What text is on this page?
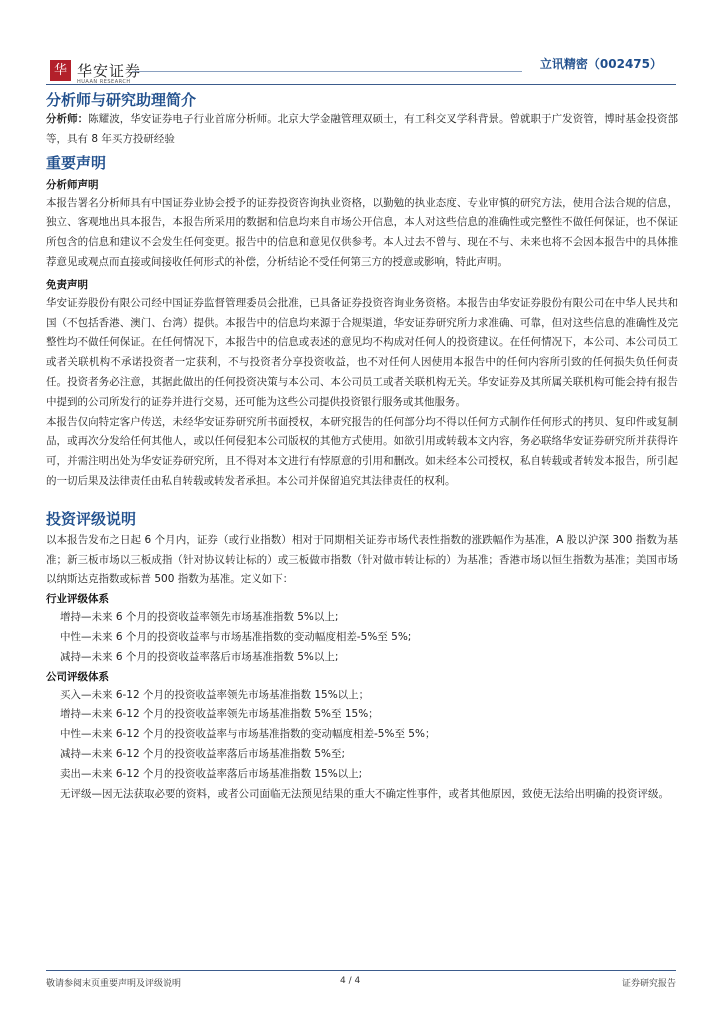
华 华安证券
HUAAN RESEARCH
立讯精密（002475）
分析师与研究助理简介

分析师：陈耀波，华安证券电子行业首席分析师。北京大学金融管理双硕士，有工科交叉学科背景。曾就职于广发资管，博时基金投资部等，具有 8 年买方投研经验

重要声明
分析师声明

本报告署名分析师具有中国证券业协会授予的证券投资咨询执业资格，以勤勉的执业态度、专业审慎的研究方法，使用合法合规的信息，独立、客观地出具本报告，本报告所采用的数据和信息均来自市场公开信息，本人对这些信息的准确性或完整性不做任何保证，也不保证所包含的信息和建议不会发生任何变更。报告中的信息和意见仅供参考。本人过去不曾与、现在不与、未来也将不会因本报告中的具体推荐意见或观点而直接或间接收任何形式的补偿，分析结论不受任何第三方的授意或影响，特此声明。

免责声明

华安证券股份有限公司经中国证券监督管理委员会批准，已具备证券投资咨询业务资格。本报告由华安证券股份有限公司在中华人民共和国（不包括香港、澳门、台湾）提供。本报告中的信息均来源于合规渠道，华安证券研究所力求准确、可靠，但对这些信息的准确性及完整性均不做任何保证。在任何情况下，本报告中的信息或表述的意见均不构成对任何人的投资建议。在任何情况下，本公司、本公司员工或者关联机构不承诺投资者一定获利，不与投资者分享投资收益，也不对任何人因使用本报告中的任何内容所引致的任何损失负任何责任。投资者务必注意，其据此做出的任何投资决策与本公司、本公司员工或者关联机构无关。华安证券及其所属关联机构可能会持有报告中提到的公司所发行的证券并进行交易，还可能为这些公司提供投资银行服务或其他服务。

本报告仅向特定客户传送，未经华安证券研究所书面授权，本研究报告的任何部分均不得以任何方式制作任何形式的拷贝、复印件或复制品，或再次分发给任何其他人，或以任何侵犯本公司版权的其他方式使用。如欲引用或转载本文内容，务必联络华安证券研究所并获得许可，并需注明出处为华安证券研究所，且不得对本文进行有悖原意的引用和删改。如未经本公司授权，私自转载或者转发本报告，所引起的一切后果及法律责任由私自转载或转发者承担。本公司并保留追究其法律责任的权利。

投资评级说明

以本报告发布之日起 6 个月内，证券（或行业指数）相对于同期相关证券市场代表性指数的涨跌幅作为基准，A 股以沪深 300 指数为基准；新三板市场以三板成指（针对协议转让标的）或三板做市指数（针对做市转让标的）为基准；香港市场以恒生指数为基准；美国市场以纳斯达克指数或标普 500 指数为基准。定义如下：

行业评级体系

增持—未来 6 个月的投资收益率领先市场基准指数 5%以上;

中性—未来 6 个月的投资收益率与市场基准指数的变动幅度相差-5%至 5%;

减持—未来 6 个月的投资收益率落后市场基准指数 5%以上;

公司评级体系

买入—未来 6-12 个月的投资收益率领先市场基准指数 15%以上；

增持—未来 6-12 个月的投资收益率领先市场基准指数 5%至 15%；

中性—未来 6-12 个月的投资收益率与市场基准指数的变动幅度相差-5%至 5%；

减持—未来 6-12 个月的投资收益率落后市场基准指数 5%至;

卖出—未来 6-12 个月的投资收益率落后市场基准指数 15%以上;

无评级—因无法获取必要的资料，或者公司面临无法预见结果的重大不确定性事件，或者其他原因，致使无法给出明确的投资评级。

敬请参阅末页重要声明及评级说明	4 / 4	证券研究报告
